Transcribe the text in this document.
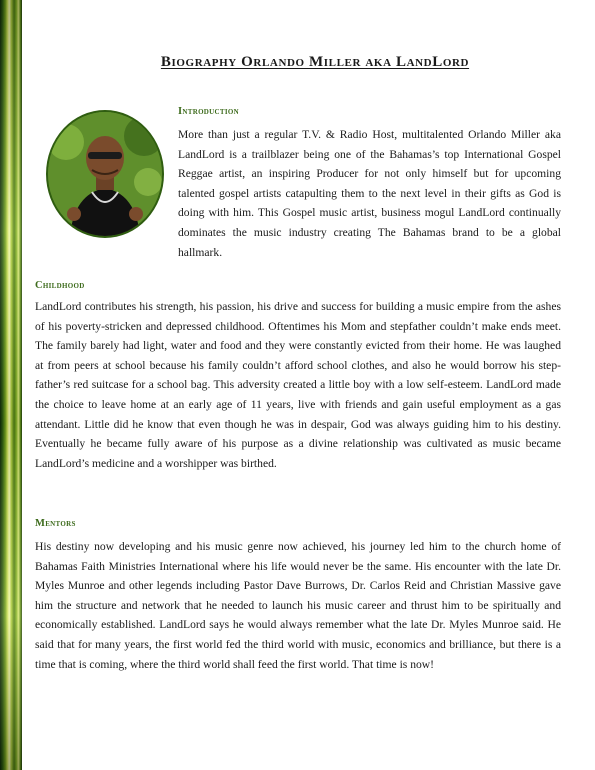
Biography Orlando Miller aka LandLord
Introduction

More than just a regular T.V. & Radio Host, multitalented Orlando Miller aka LandLord is a trailblazer being one of the Bahamas’s top International Gospel Reggae artist, an inspiring Producer for not only himself but for upcoming talented gospel artists catapulting them to the next level in their gifts as God is doing with him. This Gospel music artist, business mogul LandLord continually dominates the music industry creating The Bahamas brand to be a global hallmark.

Childhood

LandLord contributes his strength, his passion, his drive and success for building a music empire from the ashes of his poverty-stricken and depressed childhood. Oftentimes his Mom and stepfather couldn’t make ends meet. The family barely had light, water and food and they were constantly evicted from their home. He was laughed at from peers at school because his family couldn’t afford school clothes, and also he would borrow his step-father’s red suitcase for a school bag. This adversity created a little boy with a low self-esteem. LandLord made the choice to leave home at an early age of 11 years, live with friends and gain useful employment as a gas attendant. Little did he know that even though he was in despair, God was always guiding him to his destiny. Eventually he became fully aware of his purpose as a divine relationship was cultivated as music became LandLord’s medicine and a worshipper was birthed.

Mentors

His destiny now developing and his music genre now achieved, his journey led him to the church home of Bahamas Faith Ministries International where his life would never be the same. His encounter with the late Dr. Myles Munroe and other legends including Pastor Dave Burrows, Dr. Carlos Reid and Christian Massive gave him the structure and network that he needed to launch his music career and thrust him to be spiritually and economically established. LandLord says he would always remember what the late Dr. Myles Munroe said. He said that for many years, the first world fed the third world with music, economics and brilliance, but there is a time that is coming, where the third world shall feed the first world. That time is now!
